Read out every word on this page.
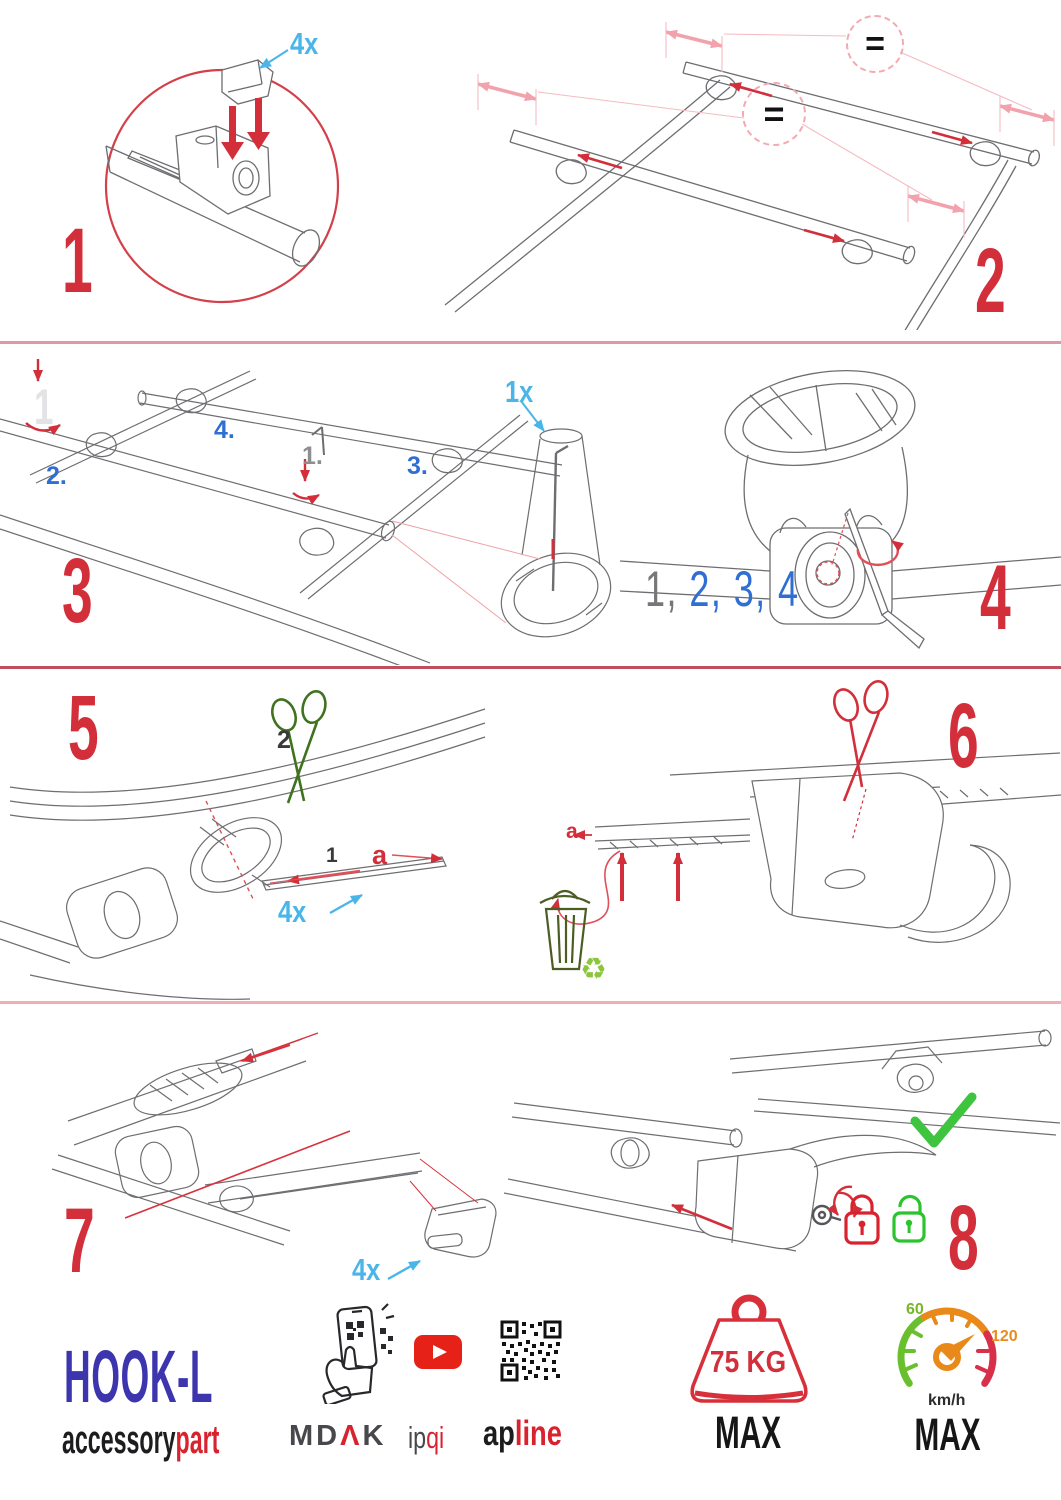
=
=
1
4x
2
3
1
2.
4.
1.	3.
1x
1, 2, 3, 4 4
♻
5	2
1 a
4x
6
a
7	4x	8
HOOK-L
accessorypart MDΛK ipqi apline
75 KG
MAX
60
120
km/h
MAX
